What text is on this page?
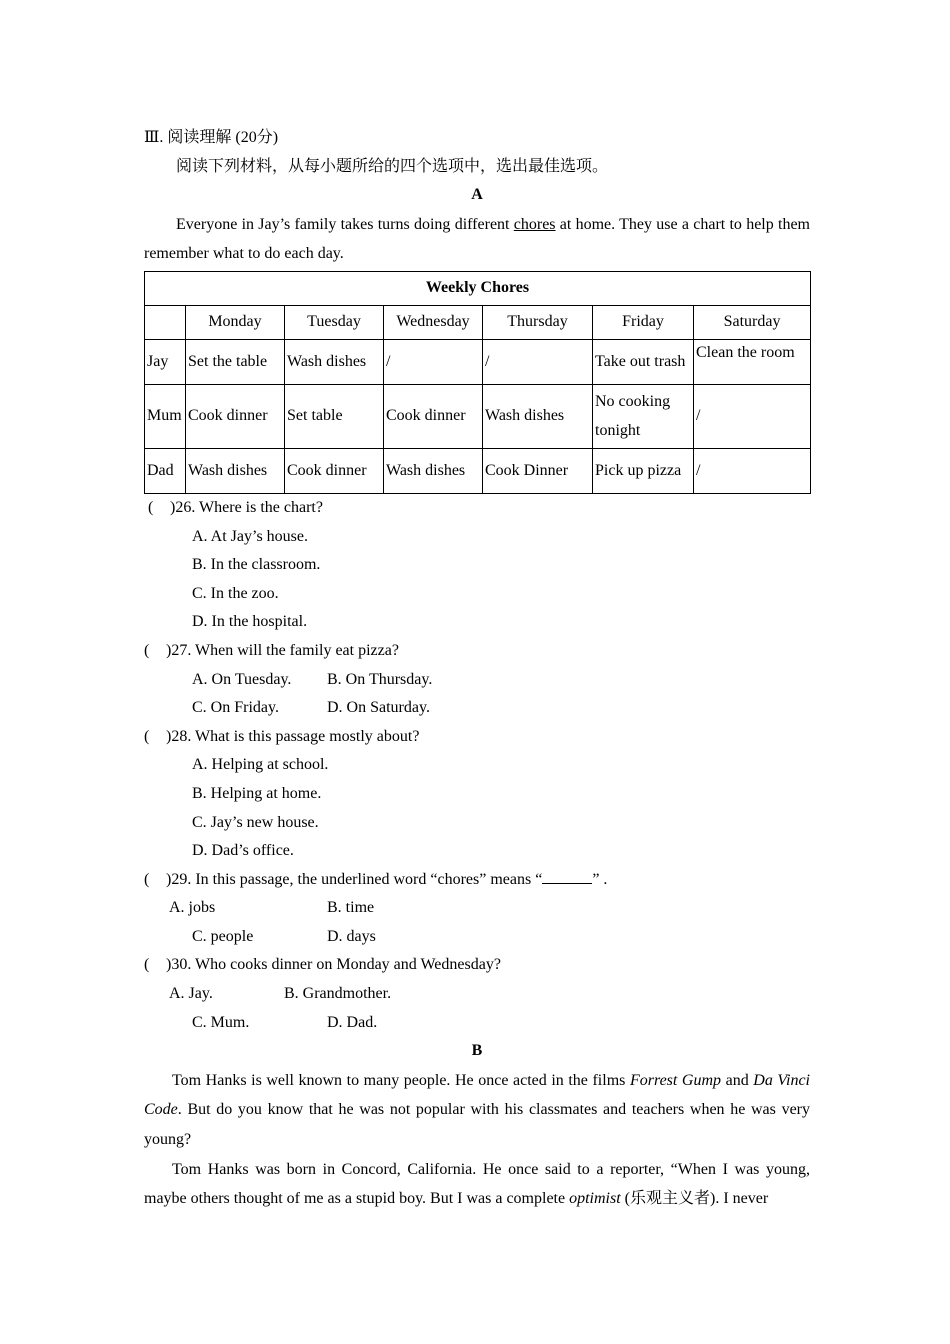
Ⅲ. 阅读理解 (20分)
阅读下列材料，从每小题所给的四个选项中，选出最佳选项。
A
Everyone in Jay’s family takes turns doing different chores at home. They use a chart to help them remember what to do each day.
Weekly Chores						
	Monday	Tuesday	Wednesday	Thursday	Friday	Saturday
Jay	Set the table	Wash dishes	/	/	Take out trash	Clean the room
Mum	Cook dinner	Set table	Cook dinner	Wash dishes	No cooking tonight	/
Dad	Wash dishes	Cook dinner	Wash dishes	Cook Dinner	Pick up pizza	/
( )26. Where is the chart?
A. At Jay’s house.
B. In the classroom.
C. In the zoo.
D. In the hospital.
( )27. When will the family eat pizza?
A. On Tuesday. B. On Thursday.
C. On Friday.	D. On Saturday.
( )28. What is this passage mostly about?
A. Helping at school.
B. Helping at home.
C. Jay’s new house.
D. Dad’s office.
( )29. In this passage, the underlined word “chores” means “	” .
A. jobs	B. time
C. people	D. days
( )30. Who cooks dinner on Monday and Wednesday?
A. Jay.	B. Grandmother.
C. Mum.	D. Dad.
B
Tom Hanks is well known to many people. He once acted in the films Forrest Gump and Da Vinci Code. But do you know that he was not popular with his classmates and teachers when he was very young?
Tom Hanks was born in Concord, California. He once said to a reporter, “When I was young, maybe others thought of me as a stupid boy. But I was a complete optimist (乐观主义者). I never
